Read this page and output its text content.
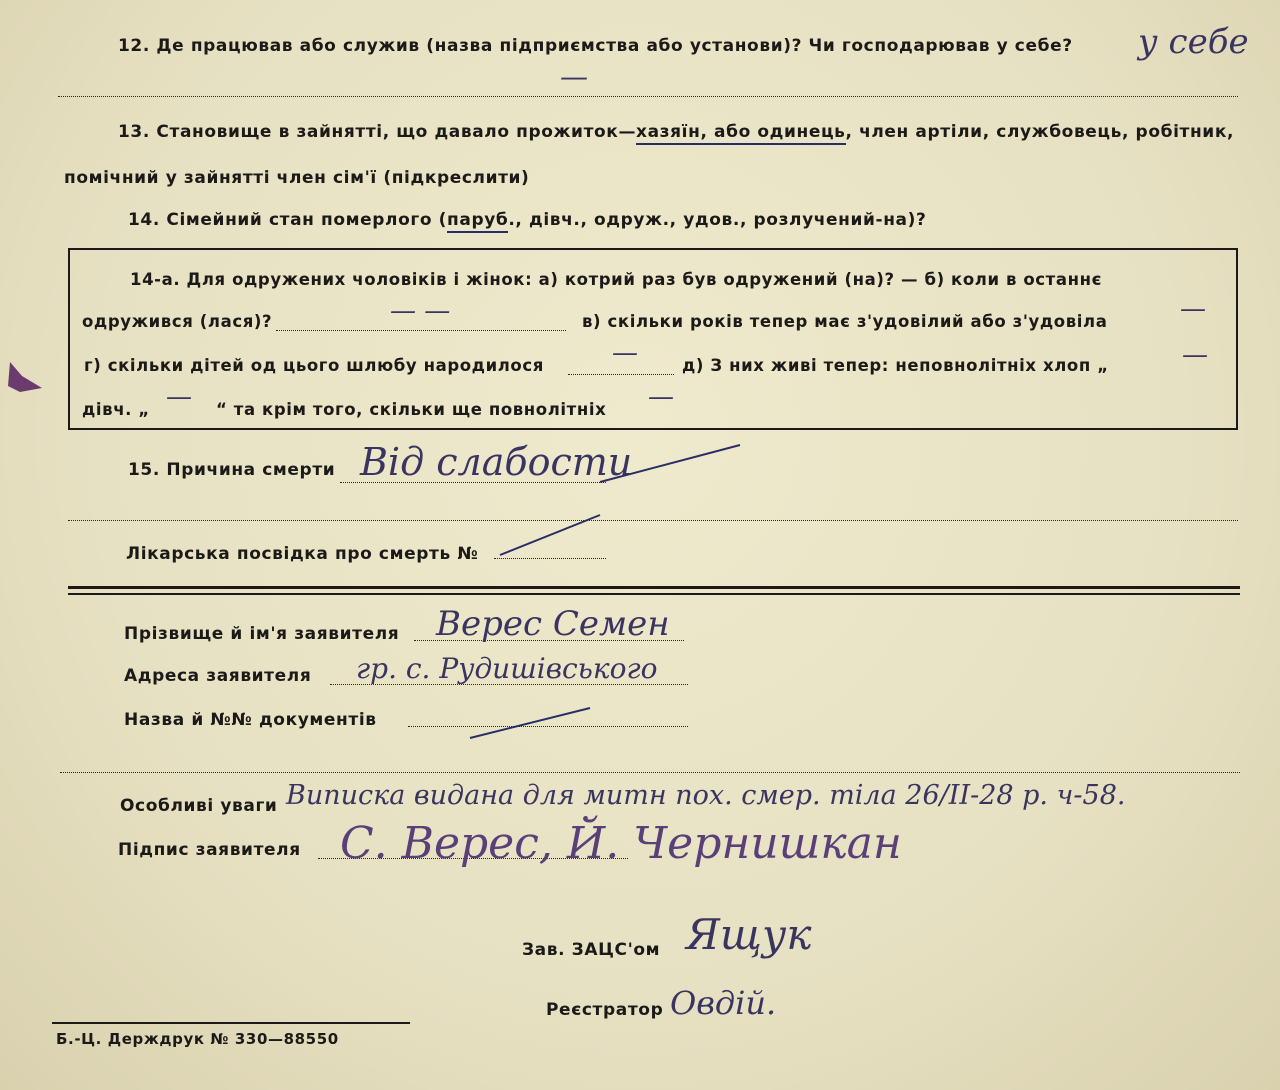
12. Де працював або служив (назва підприємства або установи)? Чи господарював у себе? у себе
—
13. Становище в зайнятті, що давало прожиток—хазяїн, або одинець, член артіли, службовець, робітник,
помічний у зайнятті член сім'ї (підкреслити)
14. Сімейний стан померлого (паруб., дівч., одруж., удов., розлучений-на)?
14-а. Для одружених чоловіків і жінок: а) котрий раз був одружений (на)? — б) коли в останнє
одружився (лася)?	— —	в) скільки років тепер має з'удовілий або з'удовіла	—
г) скільки дітей од цього шлюбу народилося	—	д) З них живі тепер: неповнолітніх хлоп „	—
дівч. „ — “ та крім того, скільки ще повнолітніх —
15. Причина смерти Від слабости
Лікарська посвідка про смерть №
Прізвище й ім'я заявителя Верес Семен
Адреса заявителя гр. с. Рудишівського
Назва й №№ документів
Особливі уваги Виписка видана для митн пох. смер. тіла 26/II-28 р. ч-58.
Підпис заявителя С. Верес, Й. Чернишкан
Зав. ЗАЦС'ом Ящук
Реєстратор Овдій.
Б.-Ц. Держдрук № 330—88550
